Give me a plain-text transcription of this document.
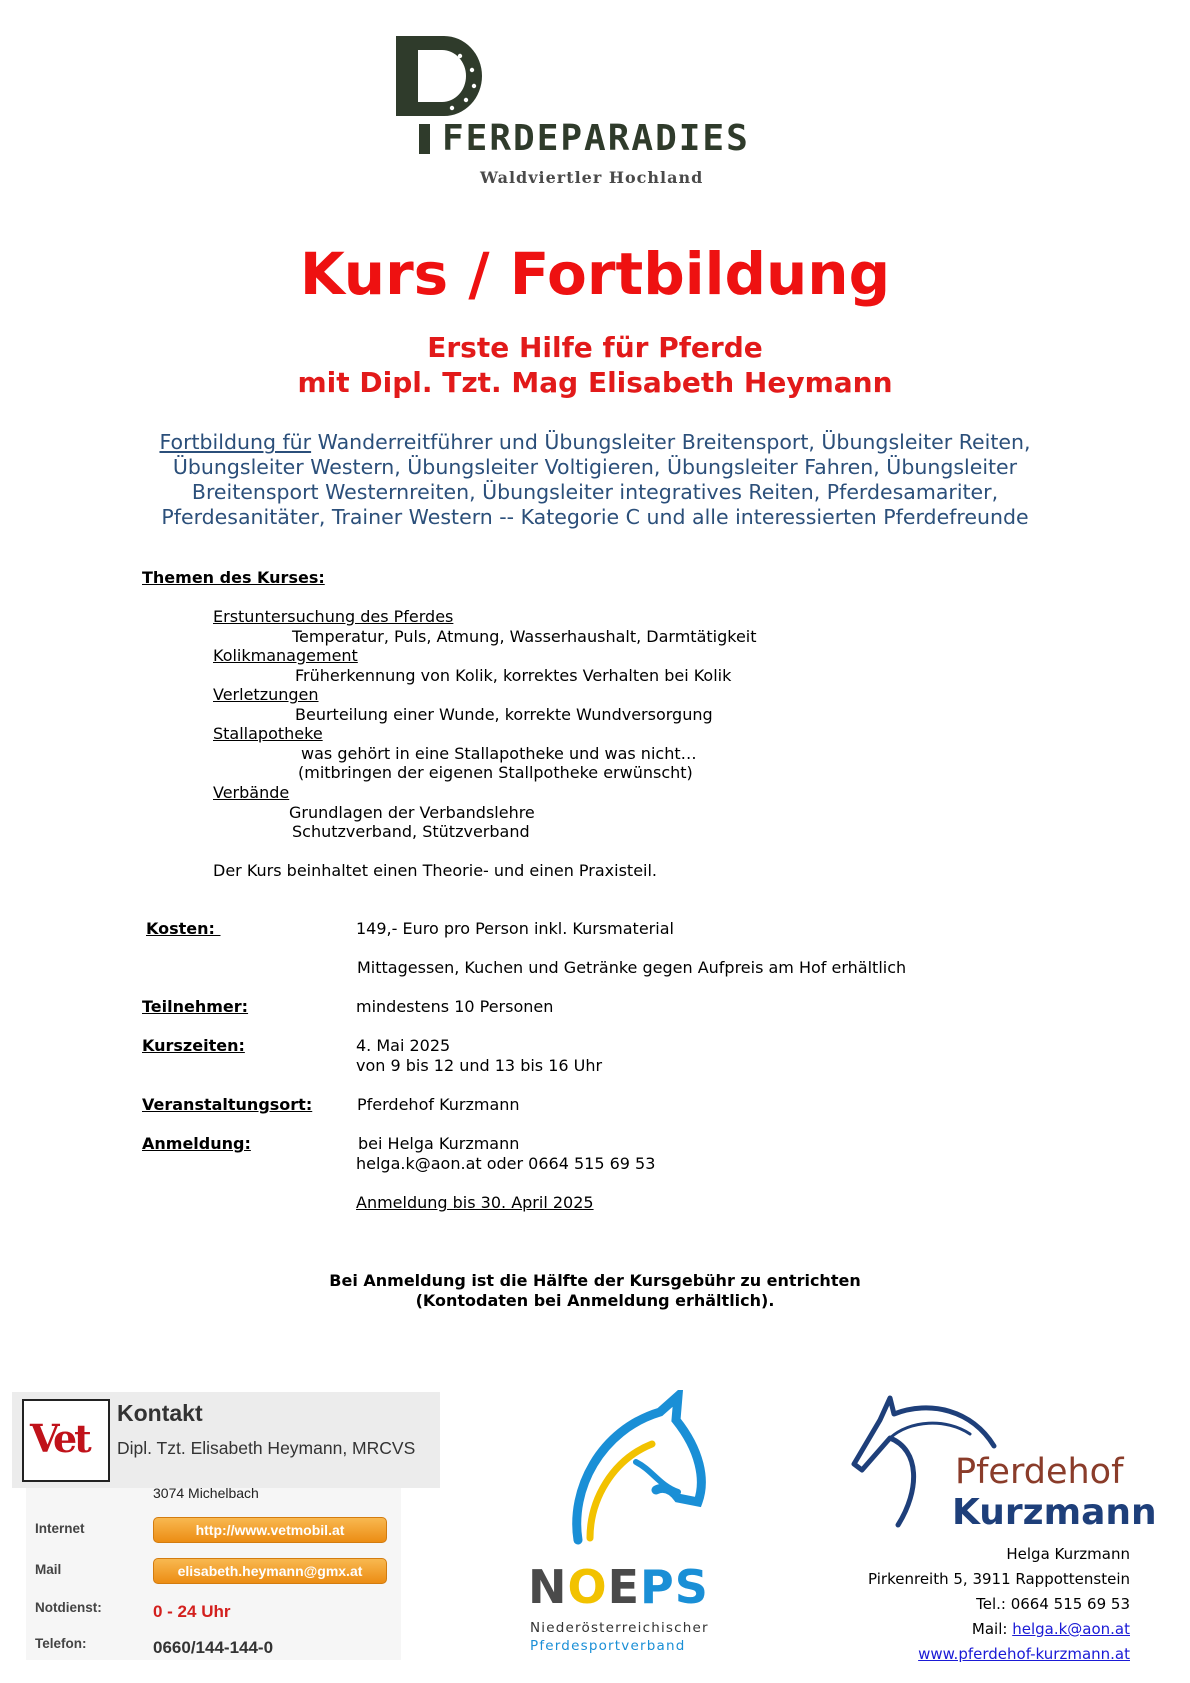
FERDEPARADIES
Waldviertler Hochland
Kurs / Fortbildung
Erste Hilfe für Pferde
mit Dipl. Tzt. Mag Elisabeth Heymann
Fortbildung für Wanderreitführer und Übungsleiter Breitensport, Übungsleiter Reiten, Übungsleiter Western, Übungsleiter Voltigieren, Übungsleiter Fahren, Übungsleiter Breitensport Westernreiten, Übungsleiter integratives Reiten, Pferdesamariter, Pferdesanitäter, Trainer Western -- Kategorie C und alle interessierten Pferdefreunde
Themen des Kurses:
Erstuntersuchung des Pferdes
Temperatur, Puls, Atmung, Wasserhaushalt, Darmtätigkeit
Kolikmanagement
Früherkennung von Kolik, korrektes Verhalten bei Kolik
Verletzungen
Beurteilung einer Wunde, korrekte Wundversorgung
Stallapotheke
was gehört in eine Stallapotheke und was nicht…
(mitbringen der eigenen Stallpotheke erwünscht)
Verbände
Grundlagen der Verbandslehre
Schutzverband, Stützverband
Der Kurs beinhaltet einen Theorie- und einen Praxisteil.
Kosten:	149,- Euro pro Person inkl. Kursmaterial
Mittagessen, Kuchen und Getränke gegen Aufpreis am Hof erhältlich
Teilnehmer:	mindestens 10 Personen
Kurszeiten:	4. Mai 2025
von 9 bis 12 und 13 bis 16 Uhr
Veranstaltungsort:	Pferdehof Kurzmann
Anmeldung:	bei Helga Kurzmann
helga.k@aon.at oder 0664 515 69 53
Anmeldung bis 30. April 2025
Bei Anmeldung ist die Hälfte der Kursgebühr zu entrichten
(Kontodaten bei Anmeldung erhältlich).
Vet
Kontakt
Dipl. Tzt. Elisabeth Heymann, MRCVS
3074 Michelbach
Internet	http://www.vetmobil.at
Mail	elisabeth.heymann@gmx.at
Notdienst:	0 - 24 Uhr
Telefon:	0660/144-144-0
NOEPS
Niederösterreichischer
Pferdesportverband
Pferdehof
Kurzmann
Helga Kurzmann
Pirkenreith 5, 3911 Rappottenstein
Tel.: 0664 515 69 53
Mail: helga.k@aon.at
www.pferdehof-kurzmann.at
